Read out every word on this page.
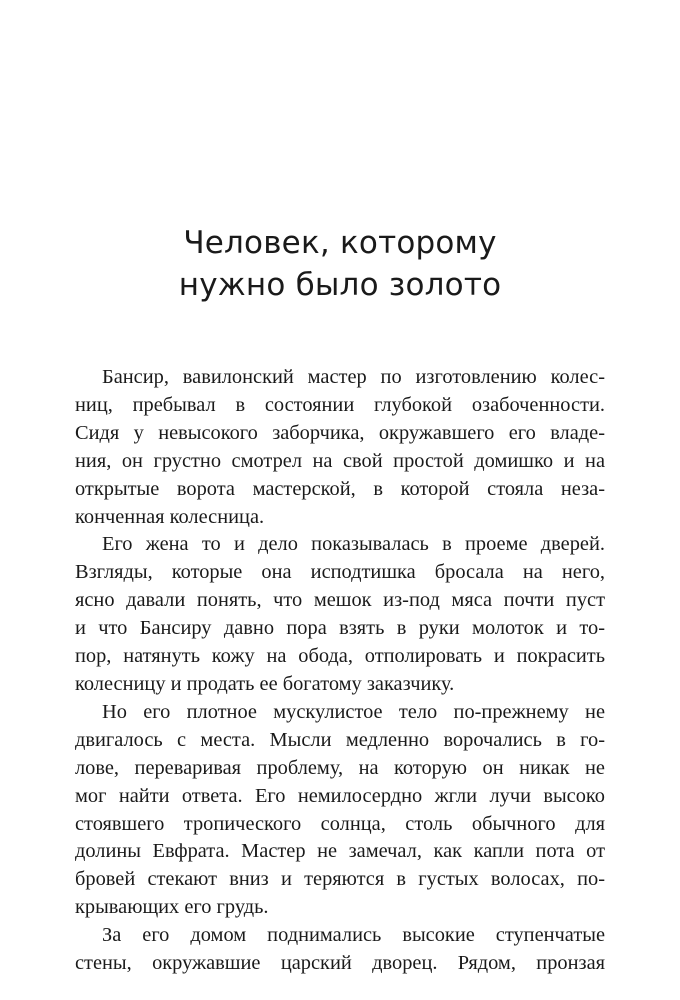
Человек, которому
нужно было золото
Бансир, вавилонский мастер по изготовлению колес-
ниц, пребывал в состоянии глубокой озабоченности.
Сидя у невысокого заборчика, окружавшего его владе-
ния, он грустно смотрел на свой простой домишко и на
открытые ворота мастерской, в которой стояла неза-
конченная колесница.
Его жена то и дело показывалась в проеме дверей.
Взгляды, которые она исподтишка бросала на него,
ясно давали понять, что мешок из-под мяса почти пуст
и что Бансиру давно пора взять в руки молоток и то-
пор, натянуть кожу на обода, отполировать и покрасить
колесницу и продать ее богатому заказчику.
Но его плотное мускулистое тело по-прежнему не
двигалось с места. Мысли медленно ворочались в го-
лове, переваривая проблему, на которую он никак не
мог найти ответа. Его немилосердно жгли лучи высоко
стоявшего тропического солнца, столь обычного для
долины Евфрата. Мастер не замечал, как капли пота от
бровей стекают вниз и теряются в густых волосах, по-
крывающих его грудь.
За его домом поднимались высокие ступенчатые
стены, окружавшие царский дворец. Рядом, пронзая
